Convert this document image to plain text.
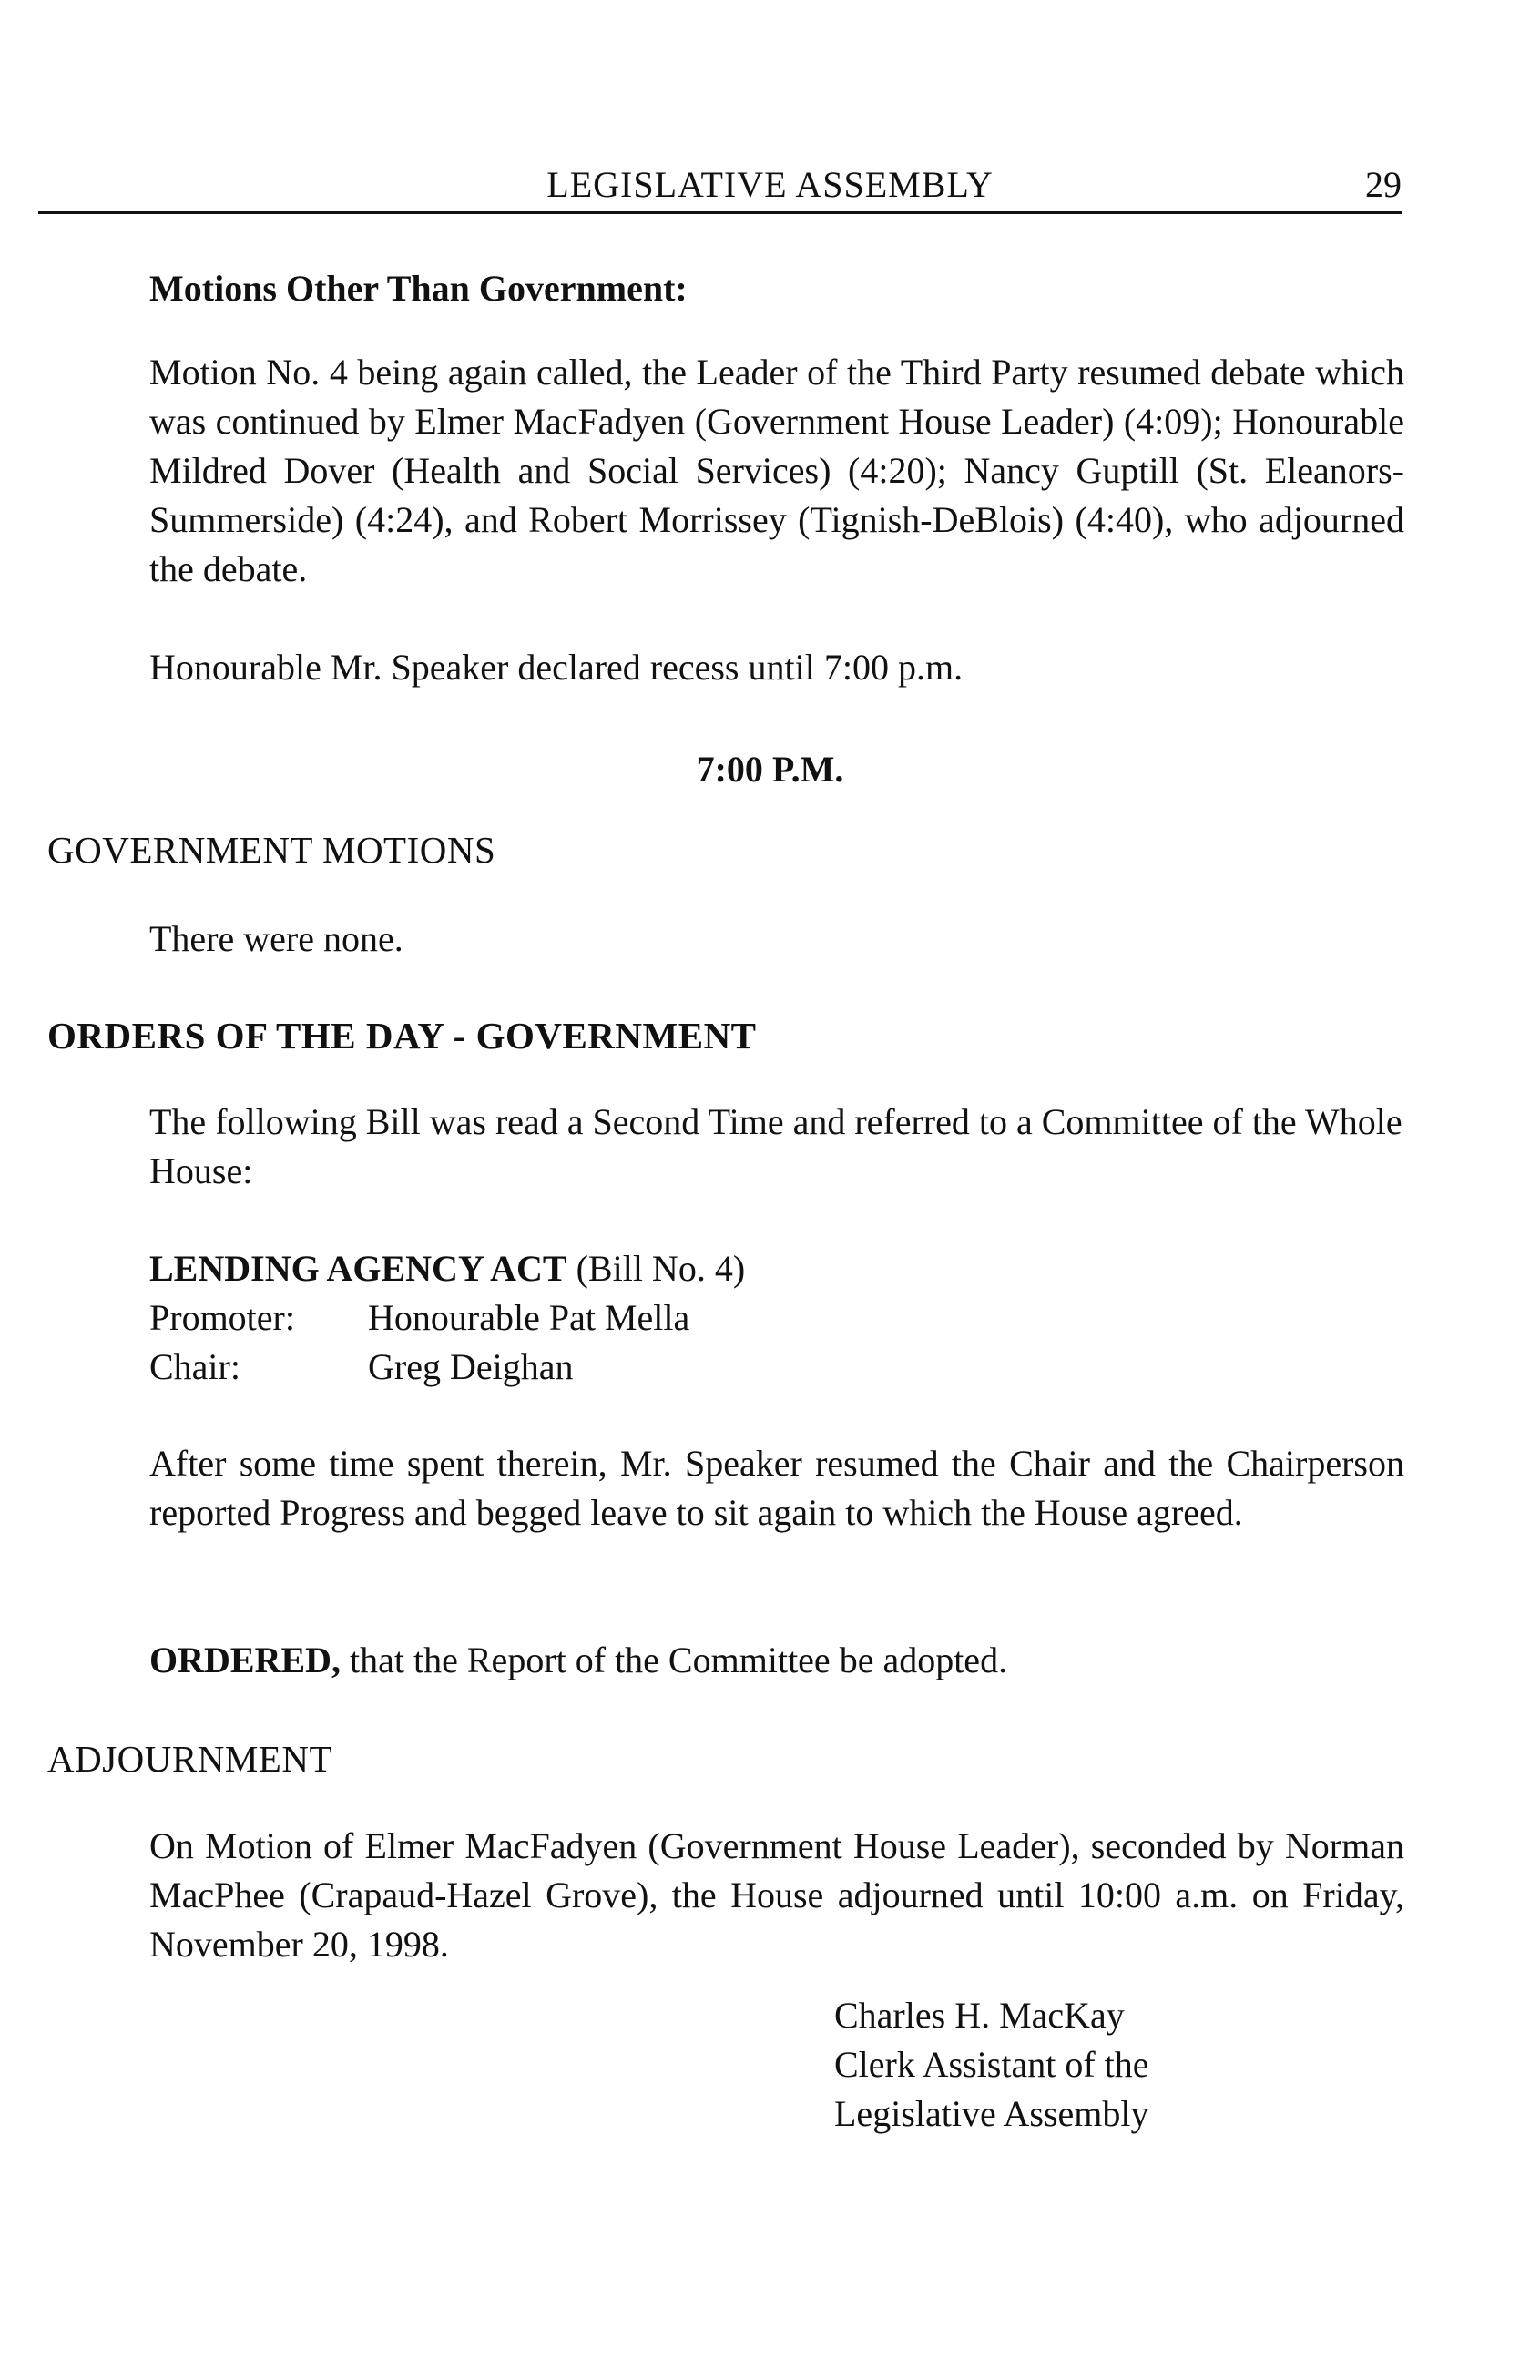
LEGISLATIVE ASSEMBLY	29
Motions Other Than Government:

Motion No. 4 being again called, the Leader of the Third Party resumed debate which was continued by Elmer MacFadyen (Government House Leader) (4:09); Honourable Mildred Dover (Health and Social Services) (4:20); Nancy Guptill (St. Eleanors-Summerside) (4:24), and Robert Morrissey (Tignish-DeBlois) (4:40), who adjourned the debate.

Honourable Mr. Speaker declared recess until 7:00 p.m.
7:00 P.M.
GOVERNMENT MOTIONS
There were none.
ORDERS OF THE DAY - GOVERNMENT

The following Bill was read a Second Time and referred to a Committee of the Whole House:

LENDING AGENCY ACT (Bill No. 4)
Promoter: Honourable Pat Mella
Chair:	Greg Deighan

After some time spent therein, Mr. Speaker resumed the Chair and the Chairperson reported Progress and begged leave to sit again to which the House agreed.

ORDERED, that the Report of the Committee be adopted.
ADJOURNMENT

On Motion of Elmer MacFadyen (Government House Leader), seconded by Norman MacPhee (Crapaud-Hazel Grove), the House adjourned until 10:00 a.m. on Friday, November 20, 1998.

Charles H. MacKay
Clerk Assistant of the
Legislative Assembly
